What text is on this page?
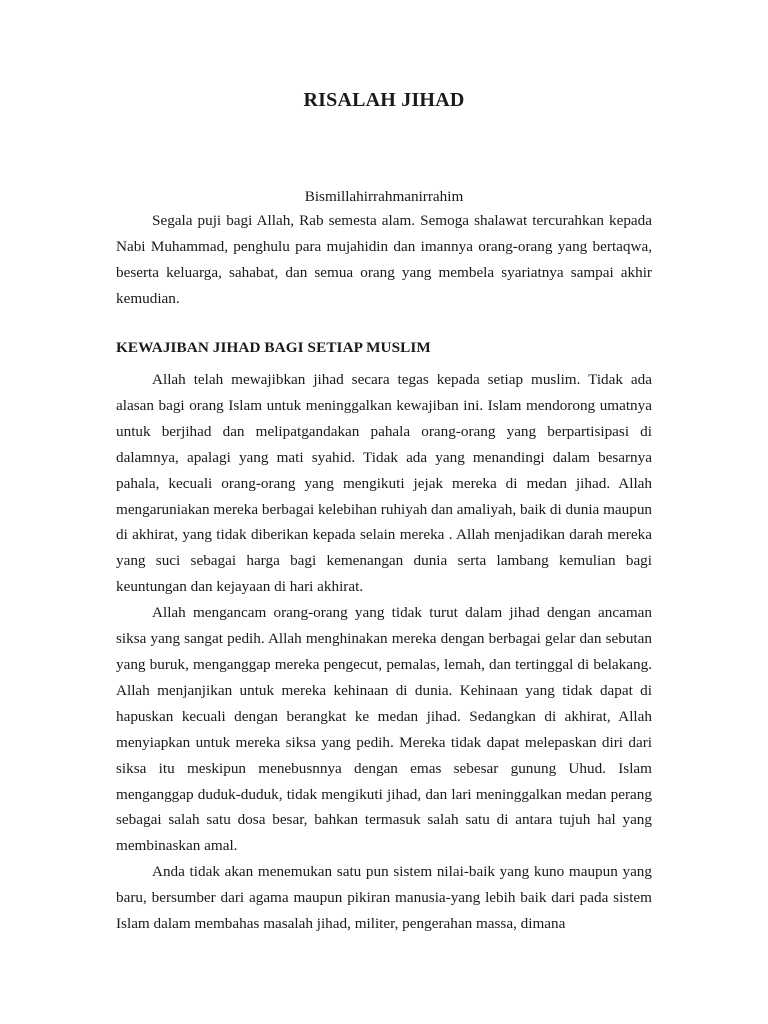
RISALAH JIHAD
Bismillahirrahmanirrahim

Segala puji bagi Allah, Rab semesta alam. Semoga shalawat tercurahkan kepada Nabi Muhammad, penghulu para mujahidin dan imannya orang-orang yang bertaqwa, beserta keluarga, sahabat, dan semua orang yang membela syariatnya sampai akhir kemudian.

KEWAJIBAN JIHAD BAGI SETIAP MUSLIM

Allah telah mewajibkan jihad secara tegas kepada setiap muslim. Tidak ada alasan bagi orang Islam untuk meninggalkan kewajiban ini. Islam mendorong umatnya untuk berjihad dan melipatgandakan pahala orang-orang yang berpartisipasi di dalamnya, apalagi yang mati syahid. Tidak ada yang menandingi dalam besarnya pahala, kecuali orang-orang yang mengikuti jejak mereka di medan jihad. Allah mengaruniakan mereka berbagai kelebihan ruhiyah dan amaliyah, baik di dunia maupun di akhirat, yang tidak diberikan kepada selain mereka . Allah menjadikan darah mereka yang suci sebagai harga bagi kemenangan dunia serta lambang kemulian bagi keuntungan dan kejayaan di hari akhirat.

Allah mengancam orang-orang yang tidak turut dalam jihad dengan ancaman siksa yang sangat pedih. Allah menghinakan mereka dengan berbagai gelar dan sebutan yang buruk, menganggap mereka pengecut, pemalas, lemah, dan tertinggal di belakang. Allah menjanjikan untuk mereka kehinaan di dunia. Kehinaan yang tidak dapat di hapuskan kecuali dengan berangkat ke medan jihad. Sedangkan di akhirat, Allah menyiapkan untuk mereka siksa yang pedih. Mereka tidak dapat melepaskan diri dari siksa itu meskipun menebusnnya dengan emas sebesar gunung Uhud. Islam menganggap duduk-duduk, tidak mengikuti jihad, dan lari meninggalkan medan perang sebagai salah satu dosa besar, bahkan termasuk salah satu di antara tujuh hal yang membinaskan amal.

Anda tidak akan menemukan satu pun sistem nilai-baik yang kuno maupun yang baru, bersumber dari agama maupun pikiran manusia-yang lebih baik dari pada sistem Islam dalam membahas masalah jihad, militer, pengerahan massa, dimana
